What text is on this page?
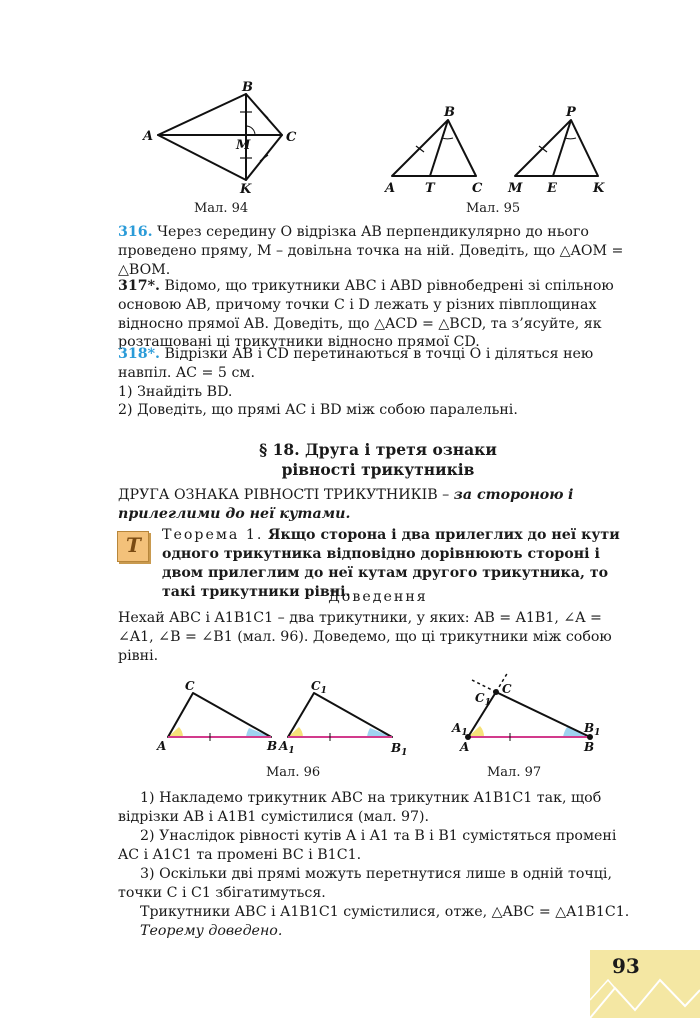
A
B
C
M
K
Мал. 94
B
A T	C
P
M E	K
Мал. 95
316. Через середину O відрізка AB перпендикулярно до нього проведено пряму, M – довільна точка на ній. Доведіть, що △AOM = △BOM.
317*. Відомо, що трикутники ABC і ABD рівнобедрені зі спільною основою AB, причому точки C і D лежать у різних півплощинах відносно прямої AB. Доведіть, що △ACD = △BCD, та з’ясуйте, як розташовані ці трикутники відносно прямої CD.
318*. Відрізки AB і CD перетинаються в точці O і діляться нею навпіл. AC = 5 см.
1) Знайдіть BD.
2) Доведіть, що прямі AC і BD між собою паралельні.
§ 18. Друга і третя ознаки
рівності трикутників
ДРУГА ОЗНАКА РІВНОСТІ ТРИКУТНИКІВ – за стороною і прилеглими до неї кутами.
Т Теорема 1. Якщо сторона і два прилеглих до неї кути одного трикутника відповідно дорівнюють стороні і двом прилеглим до неї кутам другого трикутника, то такі трикутники рівні.
Доведення
Нехай ABC і A1B1C1 – два трикутники, у яких: AB = A1B1, ∠A = ∠A1, ∠B = ∠B1 (мал. 96). Доведемо, що ці трикутники між собою рівні.
C
A	B
$C_1$
$A_1$	$B_1$
Мал. 96
C
$C_1$
$A_1$
A
$B_1$
B
Мал. 97
1) Накладемо трикутник ABC на трикутник A1B1C1 так, щоб відрізки AB і A1B1 сумістилися (мал. 97).
2) Унаслідок рівності кутів A і A1 та B і B1 сумістяться промені AC і A1C1 та промені BC і B1C1.
3) Оскільки дві прямі можуть перетнутися лише в одній точці, точки C і C1 збігатимуться.
Трикутники ABC і A1B1C1 сумістилися, отже, △ABC = △A1B1C1.
Теорему доведено.
93
